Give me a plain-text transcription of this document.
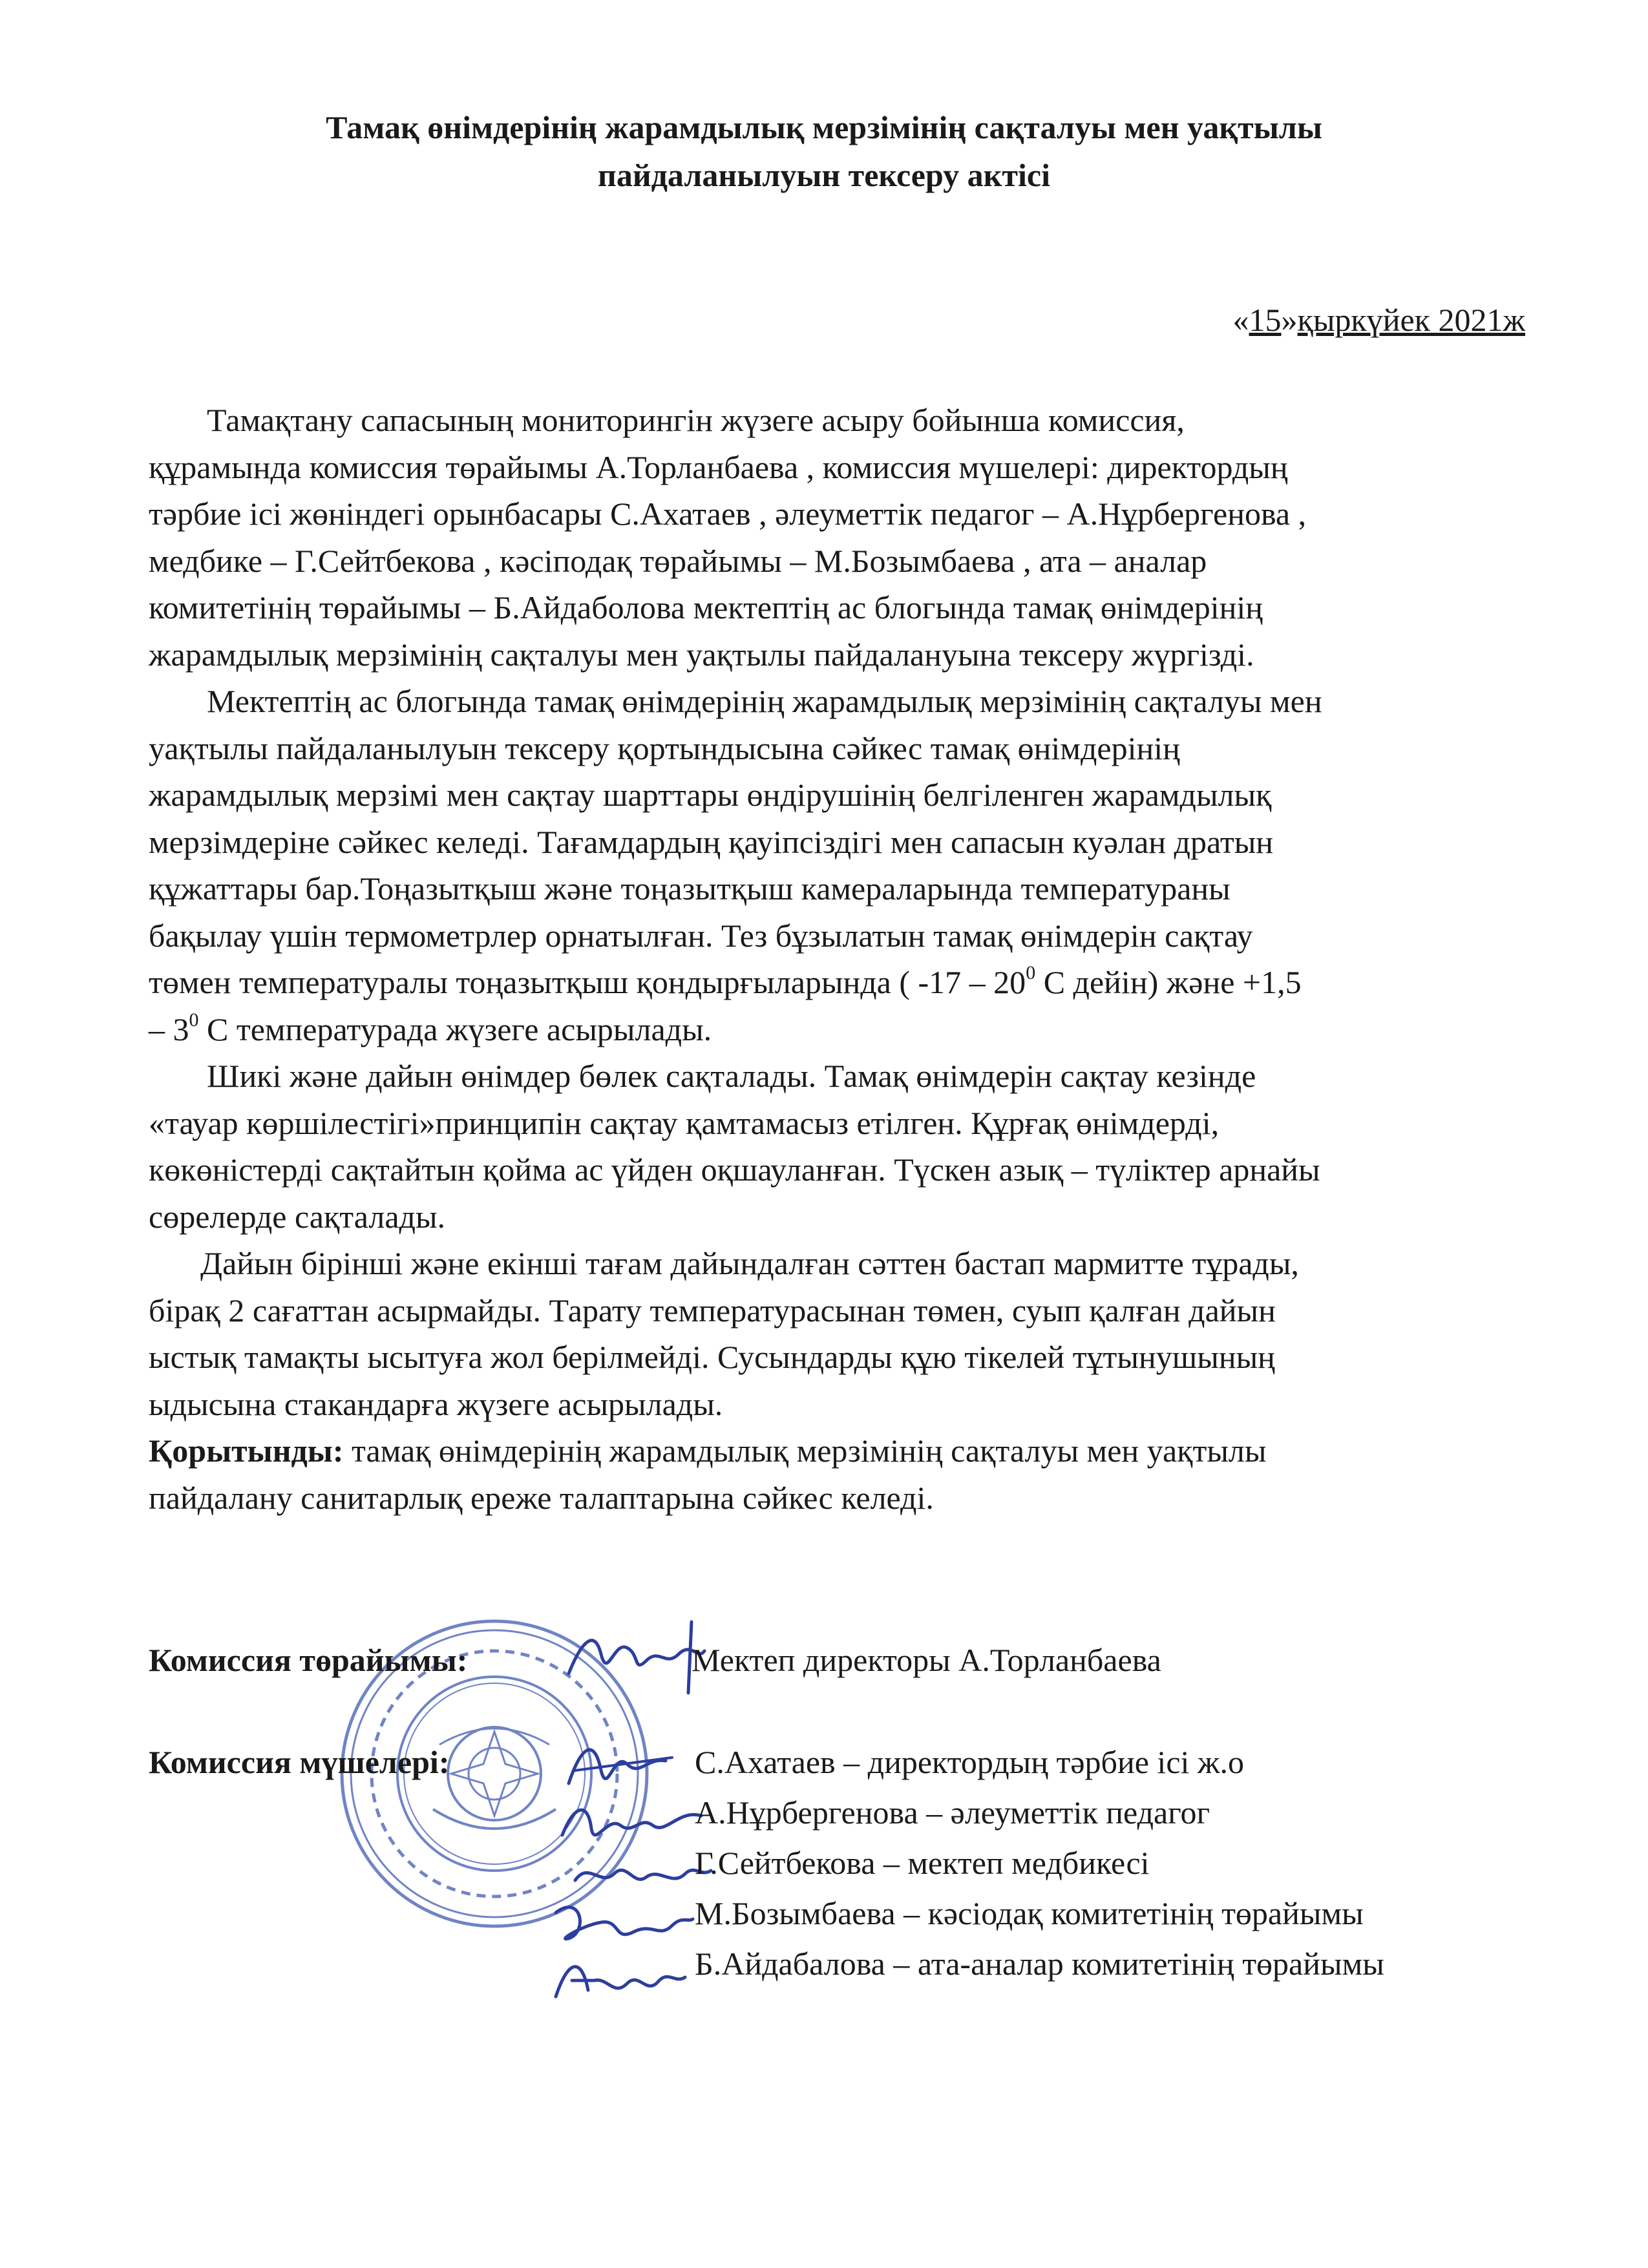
Тамақ өнімдерінің жарамдылық мерзімінің сақталуы мен уақтылы
пайдаланылуын тексеру актісі
«15»қыркүйек 2021ж
Тамақтану сапасының мониторингін жүзеге асыру бойынша комиссия,
құрамында комиссия төрайымы А.Торланбаева , комиссия мүшелері: директордың
тәрбие ісі жөніндегі орынбасары С.Ахатаев , әлеуметтік педагог – А.Нұрбергенова ,
медбике – Г.Сейтбекова , кәсіподақ төрайымы – М.Бозымбаева , ата – аналар
комитетінің төрайымы – Б.Айдаболова мектептің ас блогында тамақ өнімдерінің
жарамдылық мерзімінің сақталуы мен уақтылы пайдалануына тексеру жүргізді.
Мектептің ас блогында тамақ өнімдерінің жарамдылық мерзімінің сақталуы мен
уақтылы пайдаланылуын тексеру қортындысына сәйкес тамақ өнімдерінің
жарамдылық мерзімі мен сақтау шарттары өндірушінің белгіленген жарамдылық
мерзімдеріне сәйкес келеді. Тағамдардың қауіпсіздігі мен сапасын куәлан дратын
құжаттары бар.Тоңазытқыш және тоңазытқыш камераларында температураны
бақылау үшін термометрлер орнатылған. Тез бұзылатын тамақ өнімдерін сақтау
төмен температуралы тоңазытқыш қондырғыларында ( $-17 - 20^0$ С дейін) және +1,5
– $3^0$ С температурада жүзеге асырылады.
Шикі және дайын өнімдер бөлек сақталады. Тамақ өнімдерін сақтау кезінде
«тауар көршілестігі»принципін сақтау қамтамасыз етілген. Құрғақ өнімдерді,
көкөністерді сақтайтын қойма ас үйден оқшауланған. Түскен азық – түліктер арнайы
сөрелерде сақталады.
Дайын бірінші және екінші тағам дайындалған сәттен бастап мармитте тұрады,
бірақ 2 сағаттан асырмайды. Тарату температурасынан төмен, суып қалған дайын
ыстық тамақты ысытуға жол берілмейді. Сусындарды құю тікелей тұтынушының
ыдысына стакандарға жүзеге асырылады.
Қорытынды: тамақ өнімдерінің жарамдылық мерзімінің сақталуы мен уақтылы
пайдалану санитарлық ереже талаптарына сәйкес келеді.
Комиссия төрайымы:	Мектеп директоры А.Торланбаева
Комиссия мүшелері:	С.Ахатаев – директордың тәрбие ісі ж.о
А.Нұрбергенова – әлеуметтік педагог
Г.Сейтбекова – мектеп медбикесі
М.Бозымбаева – кәсіодақ комитетінің төрайымы
Б.Айдабалова – ата-аналар комитетінің төрайымы
